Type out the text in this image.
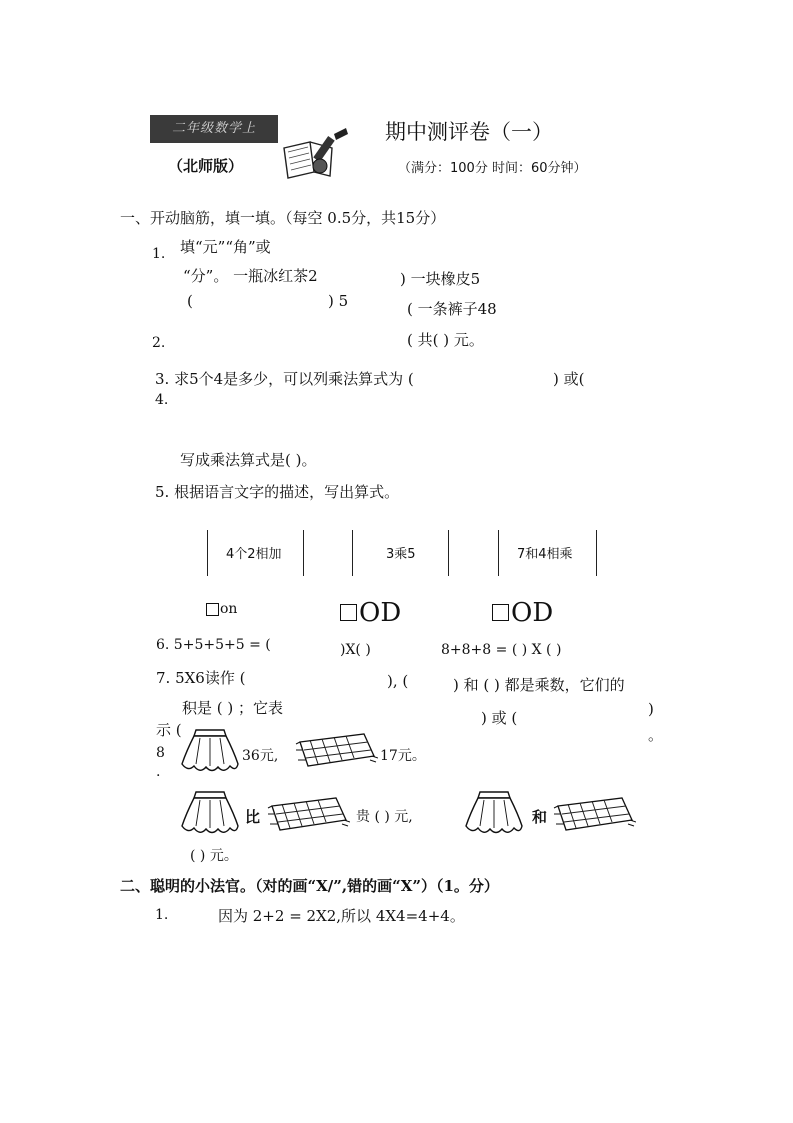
二年级数学上
（北师版）
期中测评卷（一）
（满分：100分 时间：60分钟）
一、开动脑筋，填一填。（每空 0.5分，共15分）
1. 填“元”“角”或
“分”。 一瓶冰红茶2	) 一块橡皮5
(	) 5	( 一条裤子48
( 共( ) 元。
2.
3. 求5个4是多少，可以列乘法算式为 (	) 或(
4.
写成乘法算式是( )。
5. 根据语言文字的描述，写出算式。
4个2相加	3乘5	7和4相乘
on	OD	OD
6. 5+5+5+5 = (	)X( )	8+8+8 = ( ) X ( )
7. 5X6读作 (	), (	) 和 ( ) 都是乘数，它们的
积是 ( ) ；它表
) 或 (	)
示 (	。
8
.
36元,	17元。
比	贵 ( ) 元,	和
( ) 元。
二、聪明的小法官。（对的画“X/”,错的画“X”）（1。分）
1.	因为 2+2 = 2X2,所以 4X4=4+4。
